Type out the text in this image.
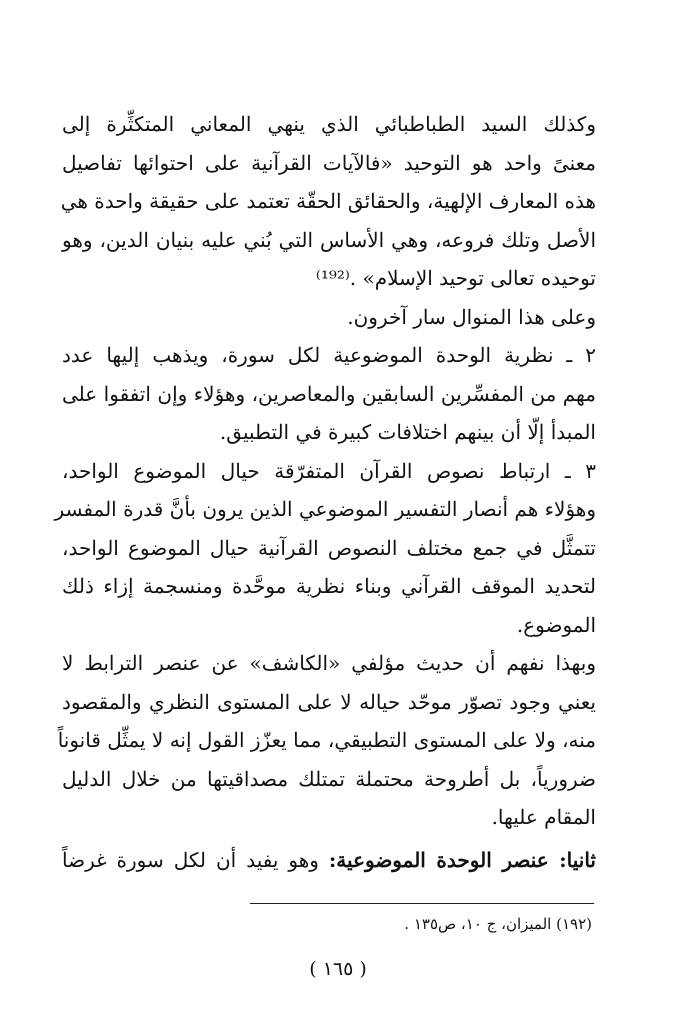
وكذلك السيد الطباطبائي الذي ينهي المعاني المتكثِّرة إلى
معنىً واحد هو التوحيد «فالآيات القرآنية على احتوائها تفاصيل
هذه المعارف الإلهية، والحقائق الحقّة تعتمد على حقيقة واحدة هي
الأصل وتلك فروعه، وهي الأساس التي بُني عليه بنيان الدين، وهو
توحيده تعالى توحيد الإسلام» .⁽¹⁹²⁾
وعلى هذا المنوال سار آخرون.
٢ ـ نظرية الوحدة الموضوعية لكل سورة، ويذهب إليها عدد
مهم من المفسِّرين السابقين والمعاصرين، وهؤلاء وإن اتفقوا على
المبدأ إلّا أن بينهم اختلافات كبيرة في التطبيق.
٣ ـ ارتباط نصوص القرآن المتفرّقة حيال الموضوع الواحد،
وهؤلاء هم أنصار التفسير الموضوعي الذين يرون بأنَّ قدرة المفسر
تتمثَّل في جمع مختلف النصوص القرآنية حيال الموضوع الواحد،
لتحديد الموقف القرآني وبناء نظرية موحَّدة ومنسجمة إزاء ذلك
الموضوع.
وبهذا نفهم أن حديث مؤلفي «الكاشف» عن عنصر الترابط لا
يعني وجود تصوّر موحّد حياله لا على المستوى النظري والمقصود
منه، ولا على المستوى التطبيقي، مما يعزّز القول إنه لا يمثِّل قانوناً
ضرورياً، بل أطروحة محتملة تمتلك مصداقيتها من خلال الدليل
المقام عليها.
ثانيا: عنصر الوحدة الموضوعية: وهو يفيد أن لكل سورة غرضاً
(١٩٢) الميزان، ج ١٠، ص١٣٥ .
( ١٦٥ )
